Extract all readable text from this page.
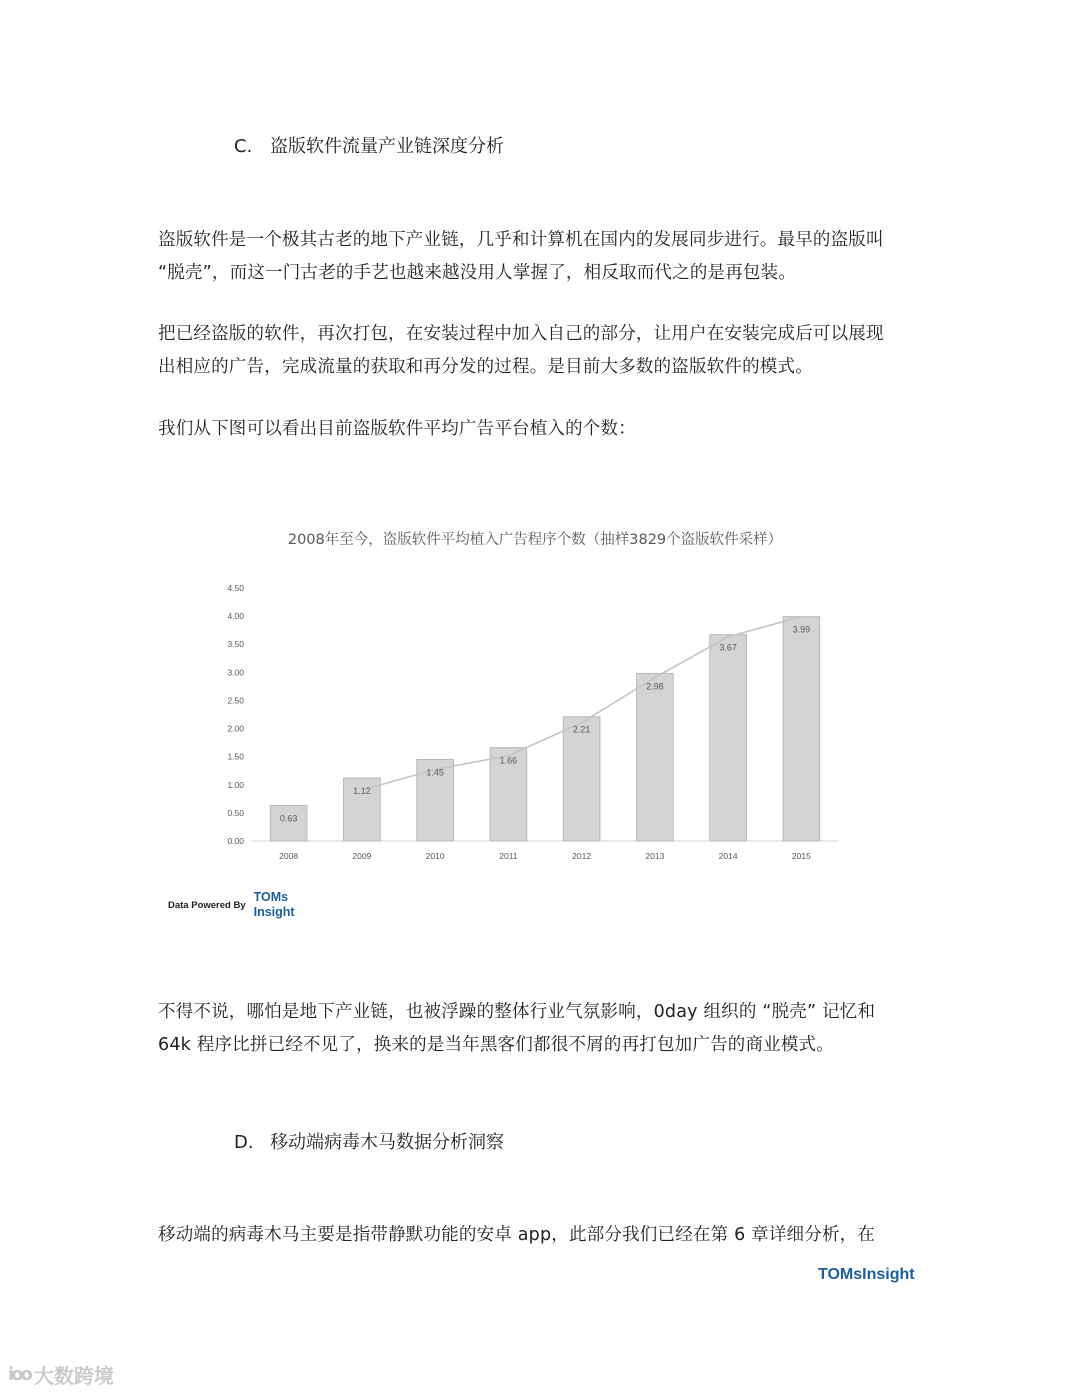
C. 盗版软件流量产业链深度分析

盗版软件是一个极其古老的地下产业链，几乎和计算机在国内的发展同步进行。最早的盗版叫

“脱壳”，而这一门古老的手艺也越来越没用人掌握了，相反取而代之的是再包装。

把已经盗版的软件，再次打包，在安装过程中加入自己的部分，让用户在安装完成后可以展现

出相应的广告，完成流量的获取和再分发的过程。是目前大多数的盗版软件的模式。

我们从下图可以看出目前盗版软件平均广告平台植入的个数：

2008年至今，盗版软件平均植入广告程序个数（抽样3829个盗版软件采样）
0.00
0.50
1.00
1.50
2.00
2.50
3.00
3.50
4.00
4.50
0.63
1.12
1.45
1.66
2.21
2.98
3.67
3.99
2008	2009	2010	2011	2012	2013	2014	2015
Data Powered By
TOMs
Insight

不得不说，哪怕是地下产业链，也被浮躁的整体行业气氛影响，0day 组织的 “脱壳” 记忆和

64k 程序比拼已经不见了，换来的是当年黑客们都很不屑的再打包加广告的商业模式。

D. 移动端病毒木马数据分析洞察

移动端的病毒木马主要是指带静默功能的安卓 app，此部分我们已经在第 6 章详细分析，在

TOMsInsight
ioo 大数跨境
